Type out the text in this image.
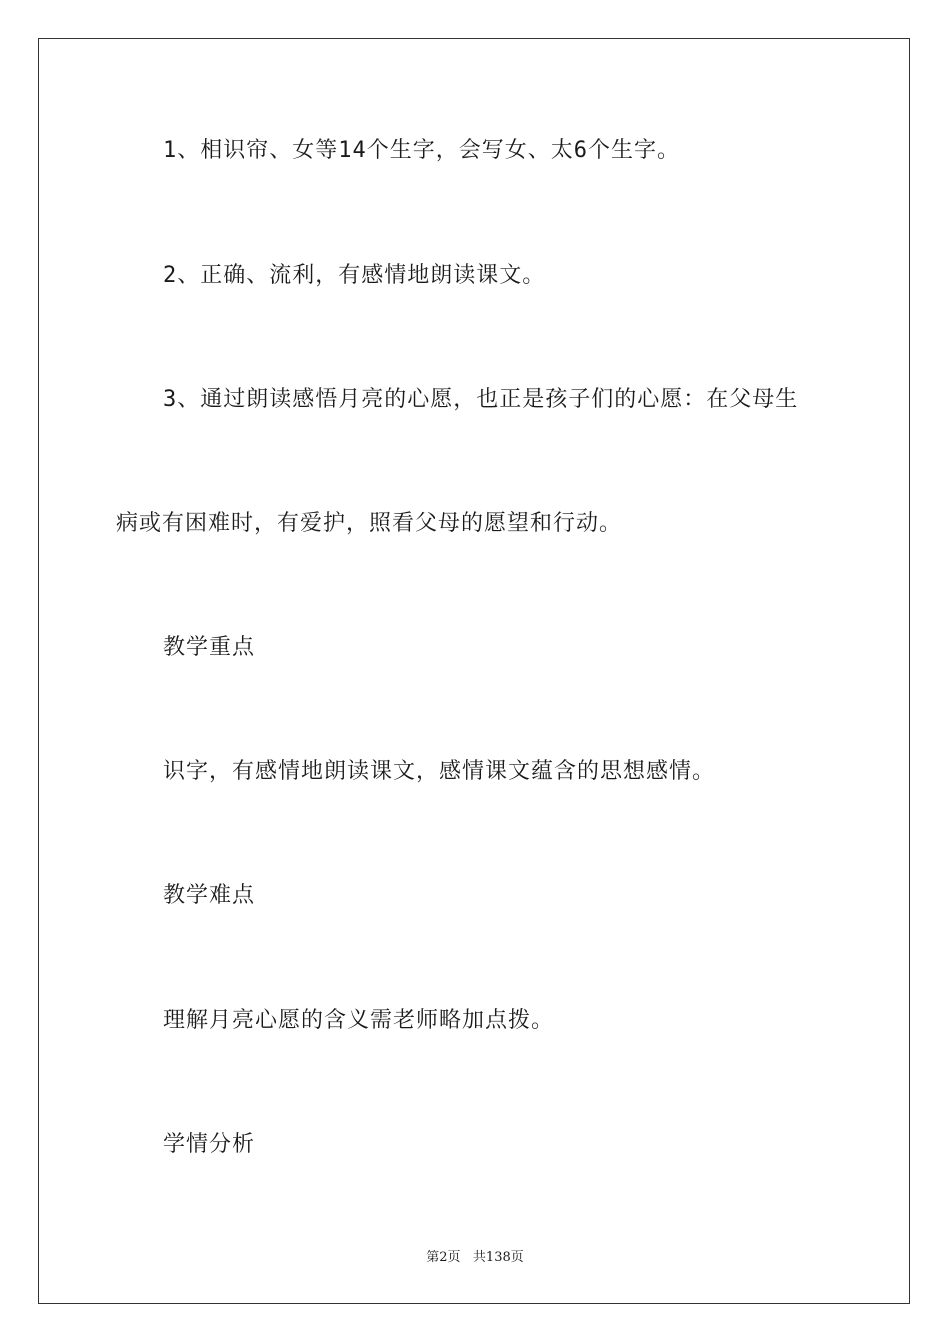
1、相识帘、女等14个生字，会写女、太6个生字。

2、正确、流利，有感情地朗读课文。

3、通过朗读感悟月亮的心愿，也正是孩子们的心愿：在父母生

病或有困难时，有爱护，照看父母的愿望和行动。

教学重点

识字，有感情地朗读课文，感情课文蕴含的思想感情。

教学难点

理解月亮心愿的含义需老师略加点拨。

学情分析

第2页 共138页
